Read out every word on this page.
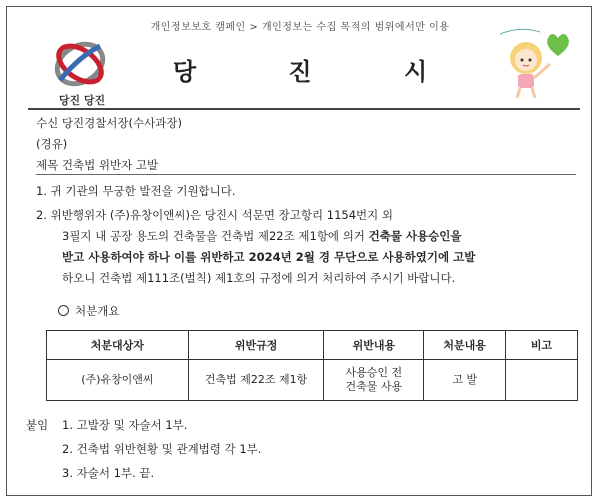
개인정보보호 캠페인 > 개인정보는 수집 목적의 범위에서만 이용
당진 당진
당 진 시
수신 당진경찰서장(수사과장)
(경유)
제목 건축법 위반자 고발
1. 귀 기관의 무궁한 발전을 기원합니다.
2. 위반행위자 (주)유창이앤씨)은 당진시 석문면 장고항리 1154번지 외
3필지 내 공장 용도의 건축물을 건축법 제22조 제1항에 의거 건축물 사용승인을
받고 사용하여야 하나 이를 위반하고 2024년 2월 경 무단으로 사용하였기에 고발
하오니 건축법 제111조(벌칙) 제1호의 규정에 의거 처리하여 주시기 바랍니다.
처분개요
처분대상자	위반규정	위반내용	처분내용	비고
(주)유창이앤씨	건축법 제22조 제1항	사용승인 전
건축물 사용	고 발	
붙임 1. 고발장 및 자술서 1부.
2. 건축법 위반현황 및 관계법령 각 1부.
3. 자술서 1부. 끝.
